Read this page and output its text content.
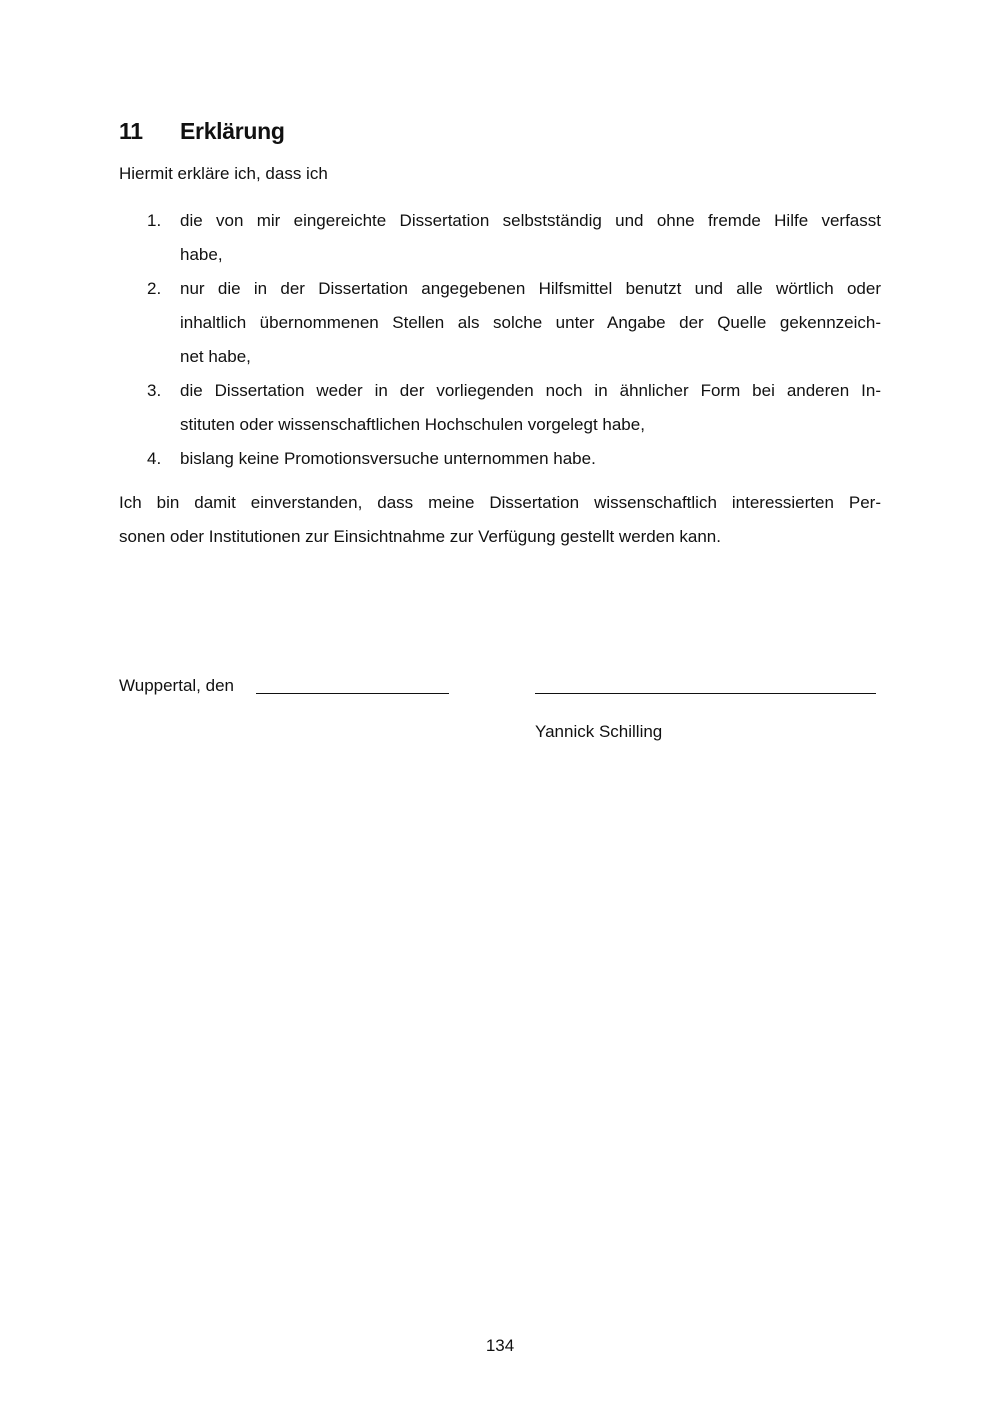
11 Erklärung
Hiermit erkläre ich, dass ich
1.	die von mir eingereichte Dissertation selbstständig und ohne fremde Hilfe verfasst
habe,
2.	nur die in der Dissertation angegebenen Hilfsmittel benutzt und alle wörtlich oder
inhaltlich übernommenen Stellen als solche unter Angabe der Quelle gekennzeich-
net habe,
3.	die Dissertation weder in der vorliegenden noch in ähnlicher Form bei anderen In-
stituten oder wissenschaftlichen Hochschulen vorgelegt habe,
4.	bislang keine Promotionsversuche unternommen habe.
Ich bin damit einverstanden, dass meine Dissertation wissenschaftlich interessierten Per-
sonen oder Institutionen zur Einsichtnahme zur Verfügung gestellt werden kann.
Wuppertal, den
Yannick Schilling
134
